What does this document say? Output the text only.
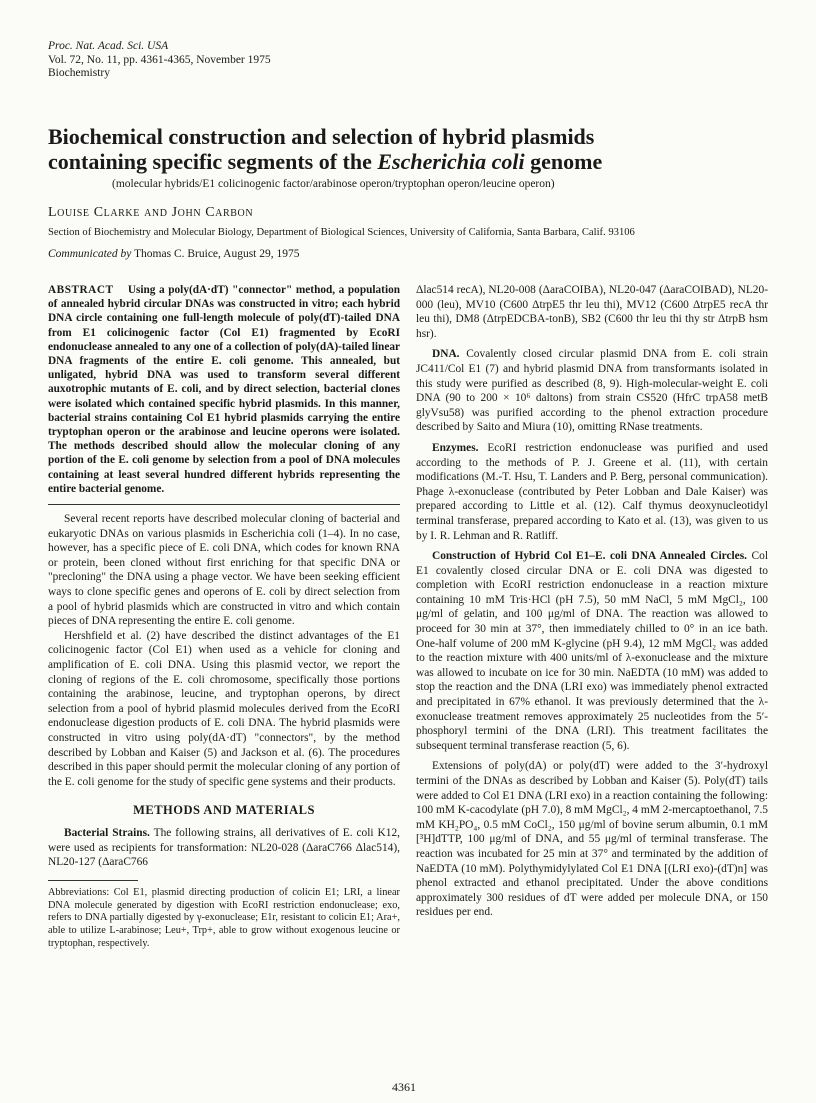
Proc. Nat. Acad. Sci. USA
Vol. 72, No. 11, pp. 4361-4365, November 1975
Biochemistry
Biochemical construction and selection of hybrid plasmids
containing specific segments of the Escherichia coli genome
(molecular hybrids/E1 colicinogenic factor/arabinose operon/tryptophan operon/leucine operon)
Louise Clarke and John Carbon
Section of Biochemistry and Molecular Biology, Department of Biological Sciences, University of California, Santa Barbara, Calif. 93106
Communicated by Thomas C. Bruice, August 29, 1975

ABSTRACT Using a poly(dA·dT) "connector" method, a population of annealed hybrid circular DNAs was constructed in vitro; each hybrid DNA circle containing one full-length molecule of poly(dT)-tailed DNA from E1 colicinogenic factor (Col E1) fragmented by EcoRI endonuclease annealed to any one of a collection of poly(dA)-tailed linear DNA fragments of the entire E. coli genome. This annealed, but unligated, hybrid DNA was used to transform several different auxotrophic mutants of E. coli, and by direct selection, bacterial clones were isolated which contained specific hybrid plasmids. In this manner, bacterial strains containing Col E1 hybrid plasmids carrying the entire tryptophan operon or the arabinose and leucine operons were isolated. The methods described should allow the molecular cloning of any portion of the E. coli genome by selection from a pool of DNA molecules containing at least several hundred different hybrids representing the entire bacterial genome.

Several recent reports have described molecular cloning of bacterial and eukaryotic DNAs on various plasmids in Escherichia coli (1–4). In no case, however, has a specific piece of E. coli DNA, which codes for known RNA or protein, been cloned without first enriching for that specific DNA or "precloning" the DNA using a phage vector. We have been seeking efficient ways to clone specific genes and operons of E. coli by direct selection from a pool of hybrid plasmids which are constructed in vitro and which contain pieces of DNA representing the entire E. coli genome.

Hershfield et al. (2) have described the distinct advantages of the E1 colicinogenic factor (Col E1) when used as a vehicle for cloning and amplification of E. coli DNA. Using this plasmid vector, we report the cloning of regions of the E. coli chromosome, specifically those portions containing the arabinose, leucine, and tryptophan operons, by direct selection from a pool of hybrid plasmid molecules derived from the EcoRI endonuclease digestion products of E. coli DNA. The hybrid plasmids were constructed in vitro using poly(dA·dT) "connectors", by the method described by Lobban and Kaiser (5) and Jackson et al. (6). The procedures described in this paper should permit the molecular cloning of any portion of the E. coli genome for the study of specific gene systems and their products.

METHODS AND MATERIALS

Bacterial Strains. The following strains, all derivatives of E. coli K12, were used as recipients for transformation: NL20-028 (ΔaraC766 Δlac514), NL20-127 (ΔaraC766

Abbreviations: Col E1, plasmid directing production of colicin E1; LRI, a linear DNA molecule generated by digestion with EcoRI restriction endonuclease; exo, refers to DNA partially digested by γ-exonuclease; E1r, resistant to colicin E1; Ara+, able to utilize L-arabinose; Leu+, Trp+, able to grow without exogenous leucine or tryptophan, respectively.

Δlac514 recA), NL20-008 (ΔaraCOIBA), NL20-047 (ΔaraCOIBAD), NL20-000 (leu), MV10 (C600 ΔtrpE5 thr leu thi), MV12 (C600 ΔtrpE5 recA thr leu thi), DM8 (ΔtrpEDCBA-tonB), SB2 (C600 thr leu thi thy str ΔtrpB hsm hsr).

DNA. Covalently closed circular plasmid DNA from E. coli strain JC411/Col E1 (7) and hybrid plasmid DNA from transformants isolated in this study were purified as described (8, 9). High-molecular-weight E. coli DNA (90 to 200 × 10⁶ daltons) from strain CS520 (HfrC trpA58 metB glyVsu58) was purified according to the phenol extraction procedure described by Saito and Miura (10), omitting RNase treatments.

Enzymes. EcoRI restriction endonuclease was purified and used according to the methods of P. J. Greene et al. (11), with certain modifications (M.-T. Hsu, T. Landers and P. Berg, personal communication). Phage λ-exonuclease (contributed by Peter Lobban and Dale Kaiser) was prepared according to Little et al. (12). Calf thymus deoxynucleotidyl terminal transferase, prepared according to Kato et al. (13), was given to us by I. R. Lehman and R. Ratliff.

Construction of Hybrid Col E1–E. coli DNA Annealed Circles. Col E1 covalently closed circular DNA or E. coli DNA was digested to completion with EcoRI restriction endonuclease in a reaction mixture containing 10 mM Tris·HCl (pH 7.5), 50 mM NaCl, 5 mM MgCl₂, 100 μg/ml of gelatin, and 100 μg/ml of DNA. The reaction was allowed to proceed for 30 min at 37°, then immediately chilled to 0° in an ice bath. One-half volume of 200 mM K-glycine (pH 9.4), 12 mM MgCl₂ was added to the reaction mixture with 400 units/ml of λ-exonuclease and the mixture was allowed to incubate on ice for 30 min. NaEDTA (10 mM) was added to stop the reaction and the DNA (LRI exo) was immediately phenol extracted and precipitated in 67% ethanol. It was previously determined that the λ-exonuclease treatment removes approximately 25 nucleotides from the 5′-phosphoryl termini of the DNA (LRI). This treatment facilitates the subsequent terminal transferase reaction (5, 6).

Extensions of poly(dA) or poly(dT) were added to the 3′-hydroxyl termini of the DNAs as described by Lobban and Kaiser (5). Poly(dT) tails were added to Col E1 DNA (LRI exo) in a reaction containing the following: 100 mM K-cacodylate (pH 7.0), 8 mM MgCl₂, 4 mM 2-mercaptoethanol, 7.5 mM KH₂PO₄, 0.5 mM CoCl₂, 150 μg/ml of bovine serum albumin, 0.1 mM [³H]dTTP, 100 μg/ml of DNA, and 55 μg/ml of terminal transferase. The reaction was incubated for 25 min at 37° and terminated by the addition of NaEDTA (10 mM). Polythymidylylated Col E1 DNA [(LRI exo)-(dT)n] was phenol extracted and ethanol precipitated. Under the above conditions approximately 300 residues of dT were added per molecule DNA, or 150 residues per end.

4361
